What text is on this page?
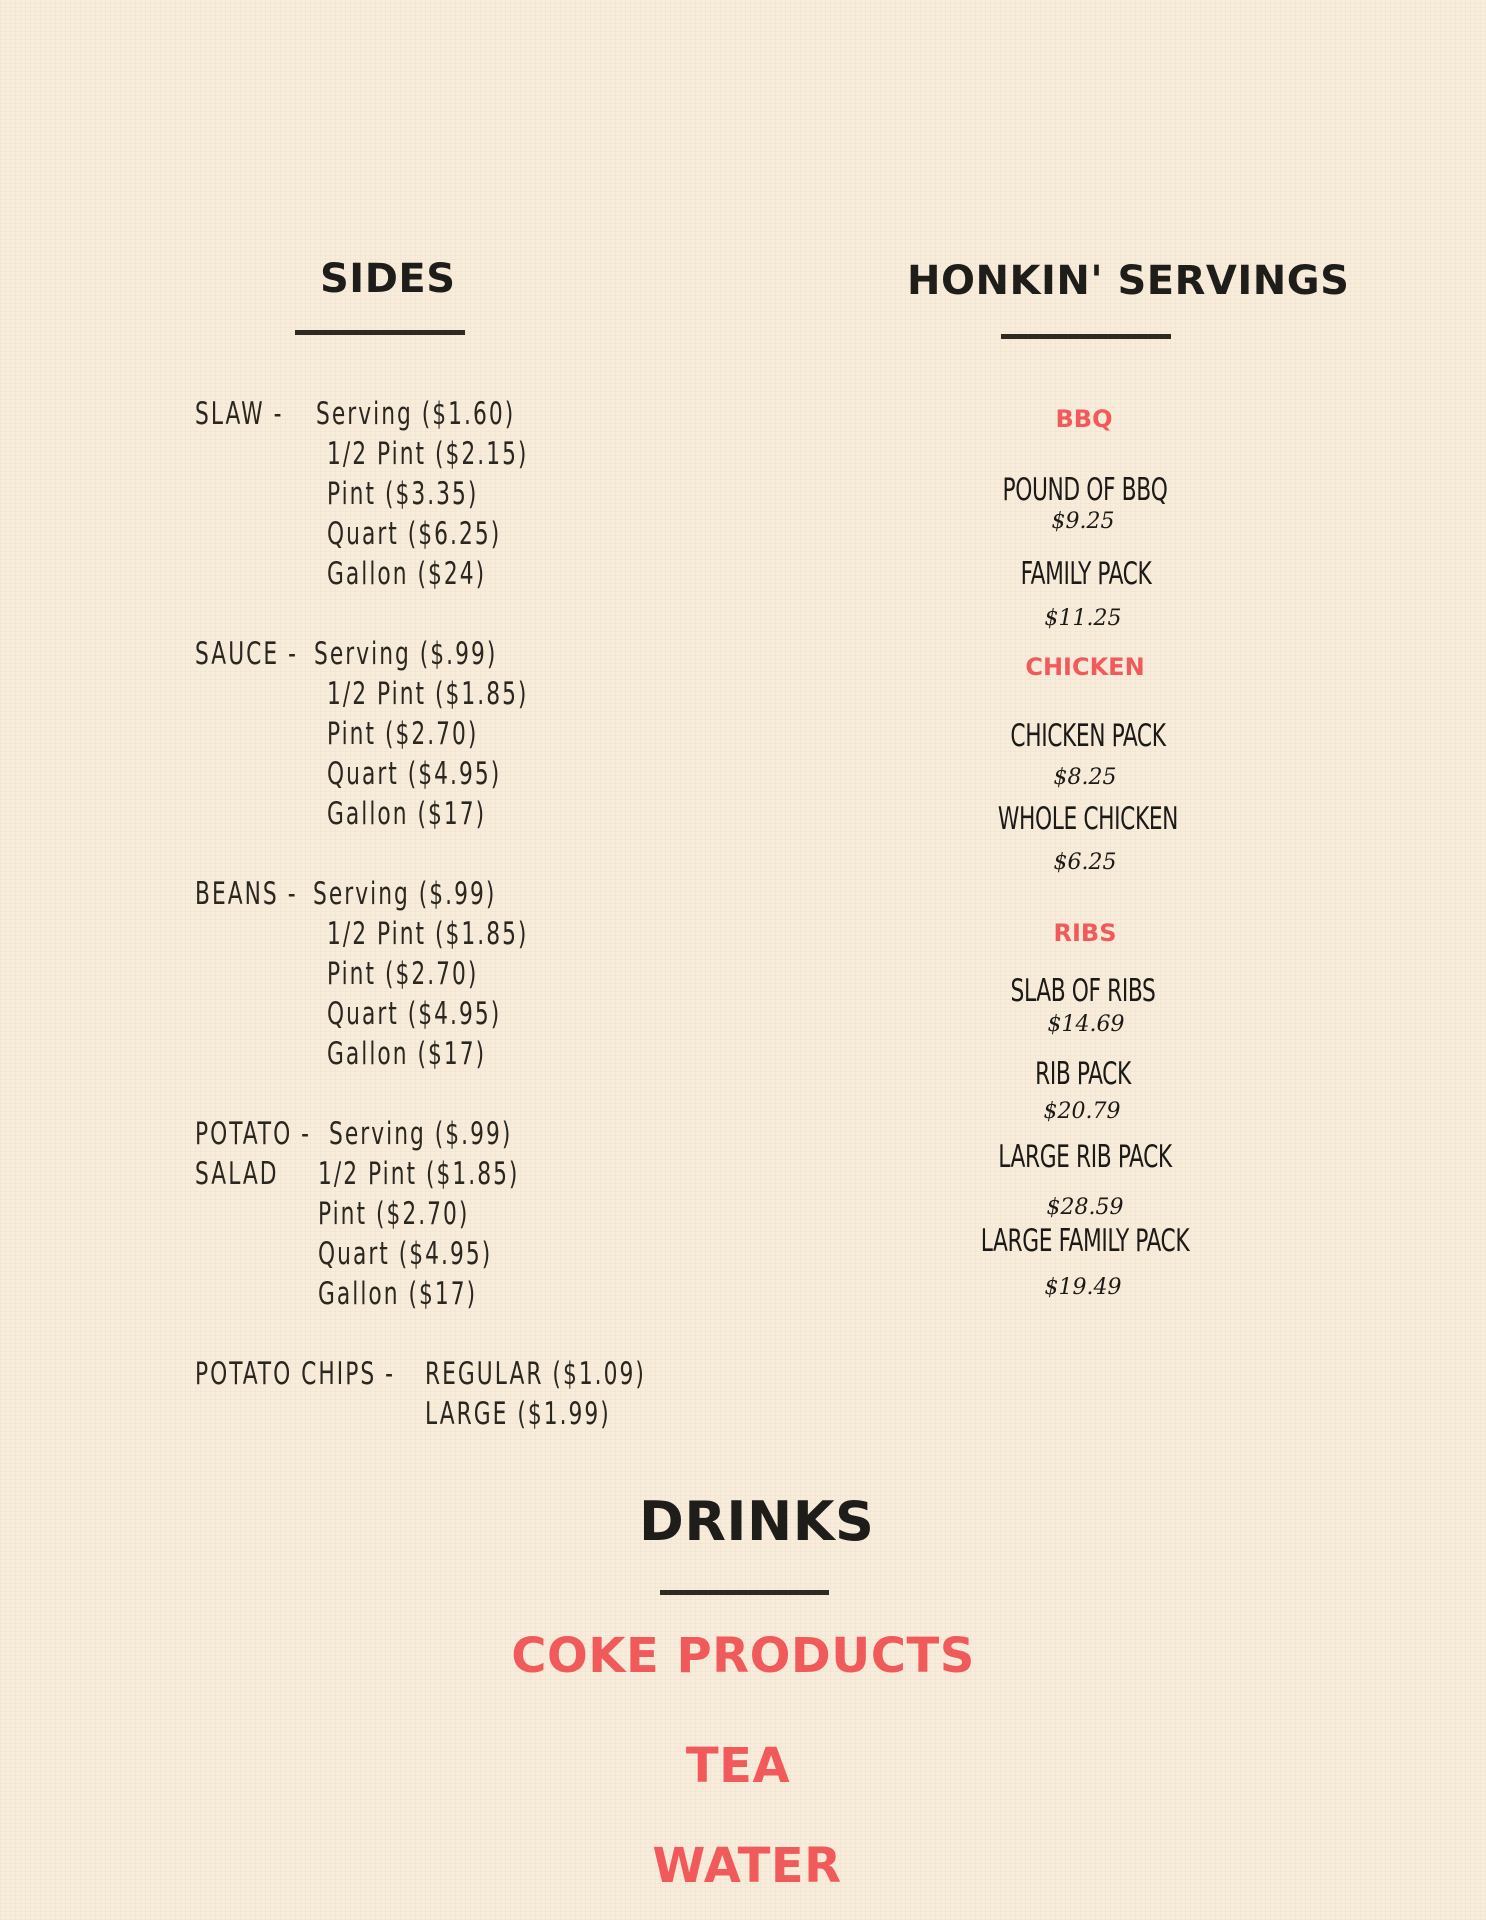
SIDES
SLAW - Serving ($1.60)
1/2 Pint ($2.15)
Pint ($3.35)
Quart ($6.25)
Gallon ($24)
SAUCE - Serving ($.99)
1/2 Pint ($1.85)
Pint ($2.70)
Quart ($4.95)
Gallon ($17)
BEANS - Serving ($.99)
1/2 Pint ($1.85)
Pint ($2.70)
Quart ($4.95)
Gallon ($17)
POTATO -
SALAD
Serving ($.99)
1/2 Pint ($1.85)
Pint ($2.70)
Quart ($4.95)
Gallon ($17)
POTATO CHIPS - REGULAR ($1.09)
LARGE ($1.99)
HONKIN' SERVINGS
BBQ
POUND OF BBQ
$9.25
FAMILY PACK
$11.25
CHICKEN
CHICKEN PACK
$8.25
WHOLE CHICKEN
$6.25
RIBS
SLAB OF RIBS
$14.69
RIB PACK
$20.79
LARGE RIB PACK
$28.59
LARGE FAMILY PACK
$19.49
DRINKS
COKE PRODUCTS
TEA
WATER
